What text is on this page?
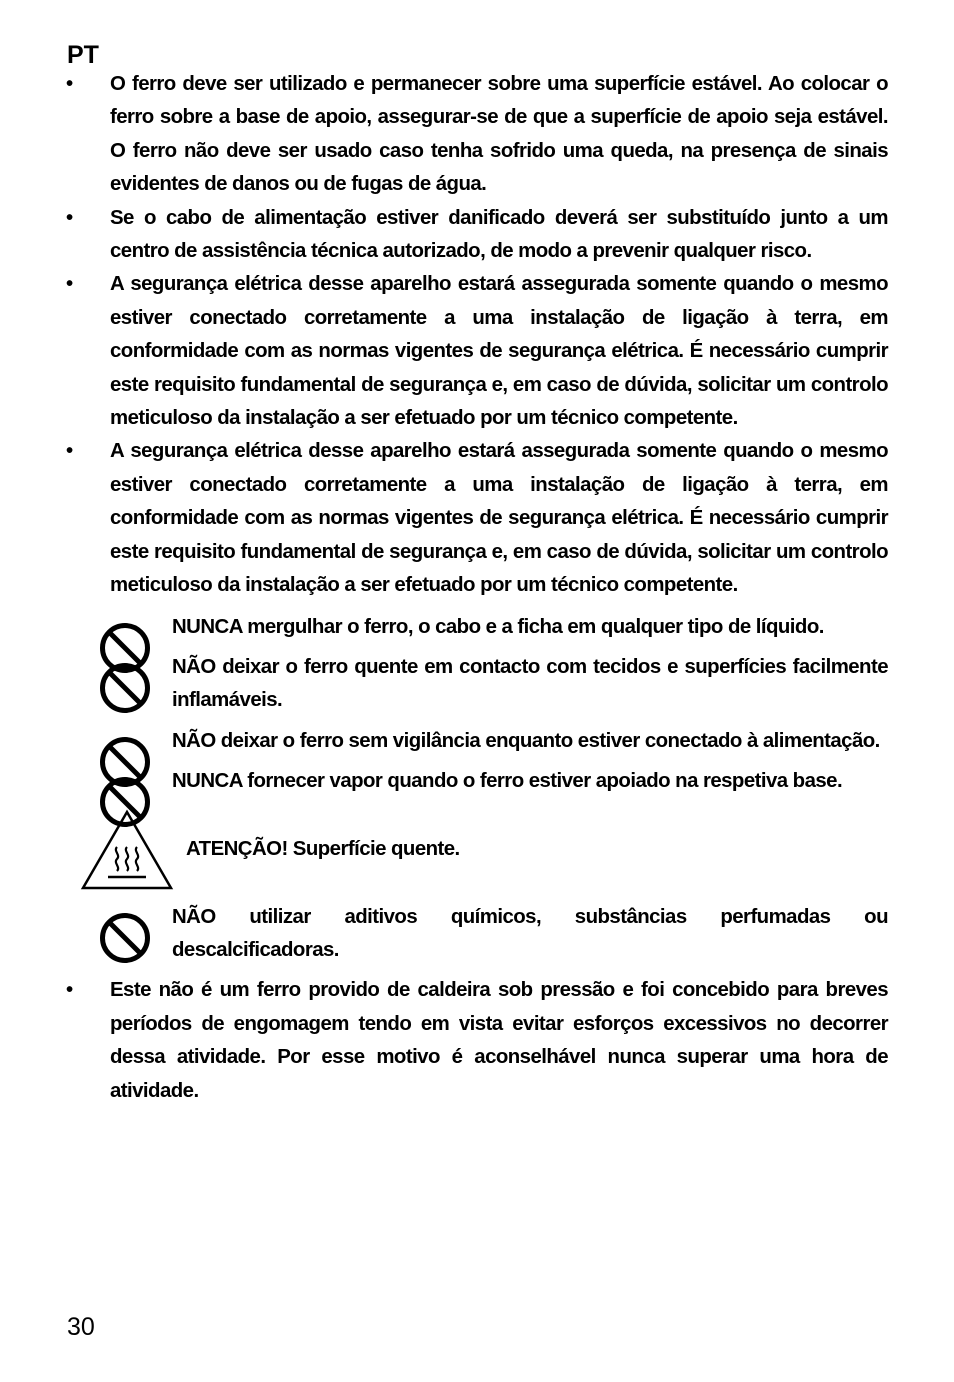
PT
• O ferro deve ser utilizado e permanecer sobre uma superfície estável. Ao colocar o ferro sobre a base de apoio, assegurar-se de que a superfície de apoio seja estável. O ferro não deve ser usado caso tenha sofrido uma queda, na presença de sinais evidentes de danos ou de fugas de água.
• Se o cabo de alimentação estiver danificado deverá ser substituído junto a um centro de assistência técnica autorizado, de modo a prevenir qualquer risco.
• A segurança elétrica desse aparelho estará assegurada somente quando o mesmo estiver conectado corretamente a uma instalação de ligação à terra, em conformidade com as normas vigentes de segurança elétrica. É necessário cumprir este requisito fundamental de segurança e, em caso de dúvida, solicitar um controlo meticuloso da instalação a ser efetuado por um técnico competente.
• A segurança elétrica desse aparelho estará assegurada somente quando o mesmo estiver conectado corretamente a uma instalação de ligação à terra, em conformidade com as normas vigentes de segurança elétrica. É necessário cumprir este requisito fundamental de segurança e, em caso de dúvida, solicitar um controlo meticuloso da instalação a ser efetuado por um técnico competente.
NUNCA mergulhar o ferro, o cabo e a ficha em qualquer tipo de líquido.
NÃO deixar o ferro quente em contacto com tecidos e superfícies facilmente inflamáveis.
NÃO deixar o ferro sem vigilância enquanto estiver conectado à alimentação.
NUNCA fornecer vapor quando o ferro estiver apoiado na respetiva base.
ATENÇÃO! Superfície quente.
NÃO utilizar aditivos químicos, substâncias perfumadas ou descalcificadoras.
• Este não é um ferro provido de caldeira sob pressão e foi concebido para breves períodos de engomagem tendo em vista evitar esforços excessivos no decorrer dessa atividade. Por esse motivo é aconselhável nunca superar uma hora de atividade.
30
